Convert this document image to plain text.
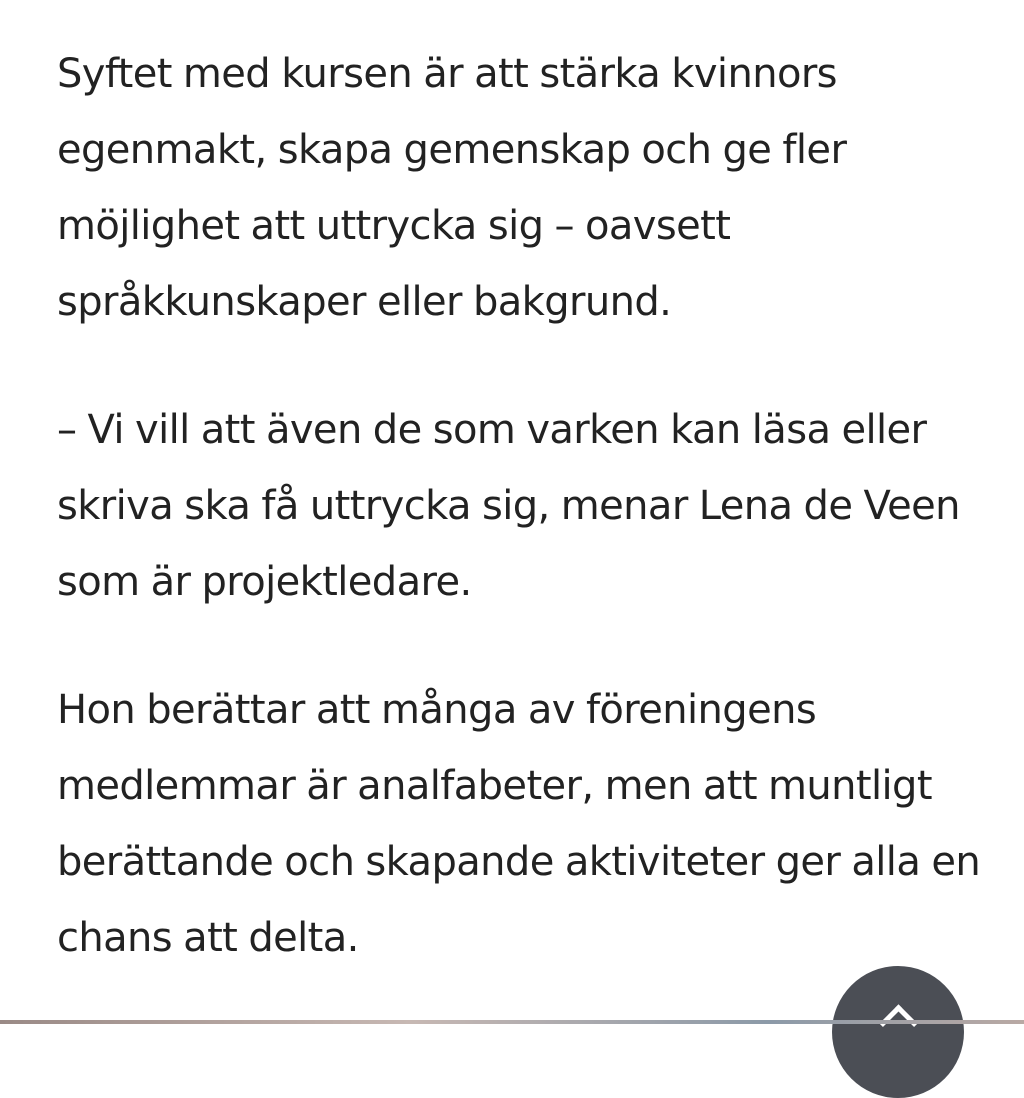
Syftet med kursen är att stärka kvinnors egenmakt, skapa gemenskap och ge fler möjlighet att uttrycka sig – oavsett språkkunskaper eller bakgrund.

– Vi vill att även de som varken kan läsa eller skriva ska få uttrycka sig, menar Lena de Veen som är projektledare.

Hon berättar att många av föreningens medlemmar är analfabeter, men att muntligt berättande och skapande aktiviteter ger alla en chans att delta.
